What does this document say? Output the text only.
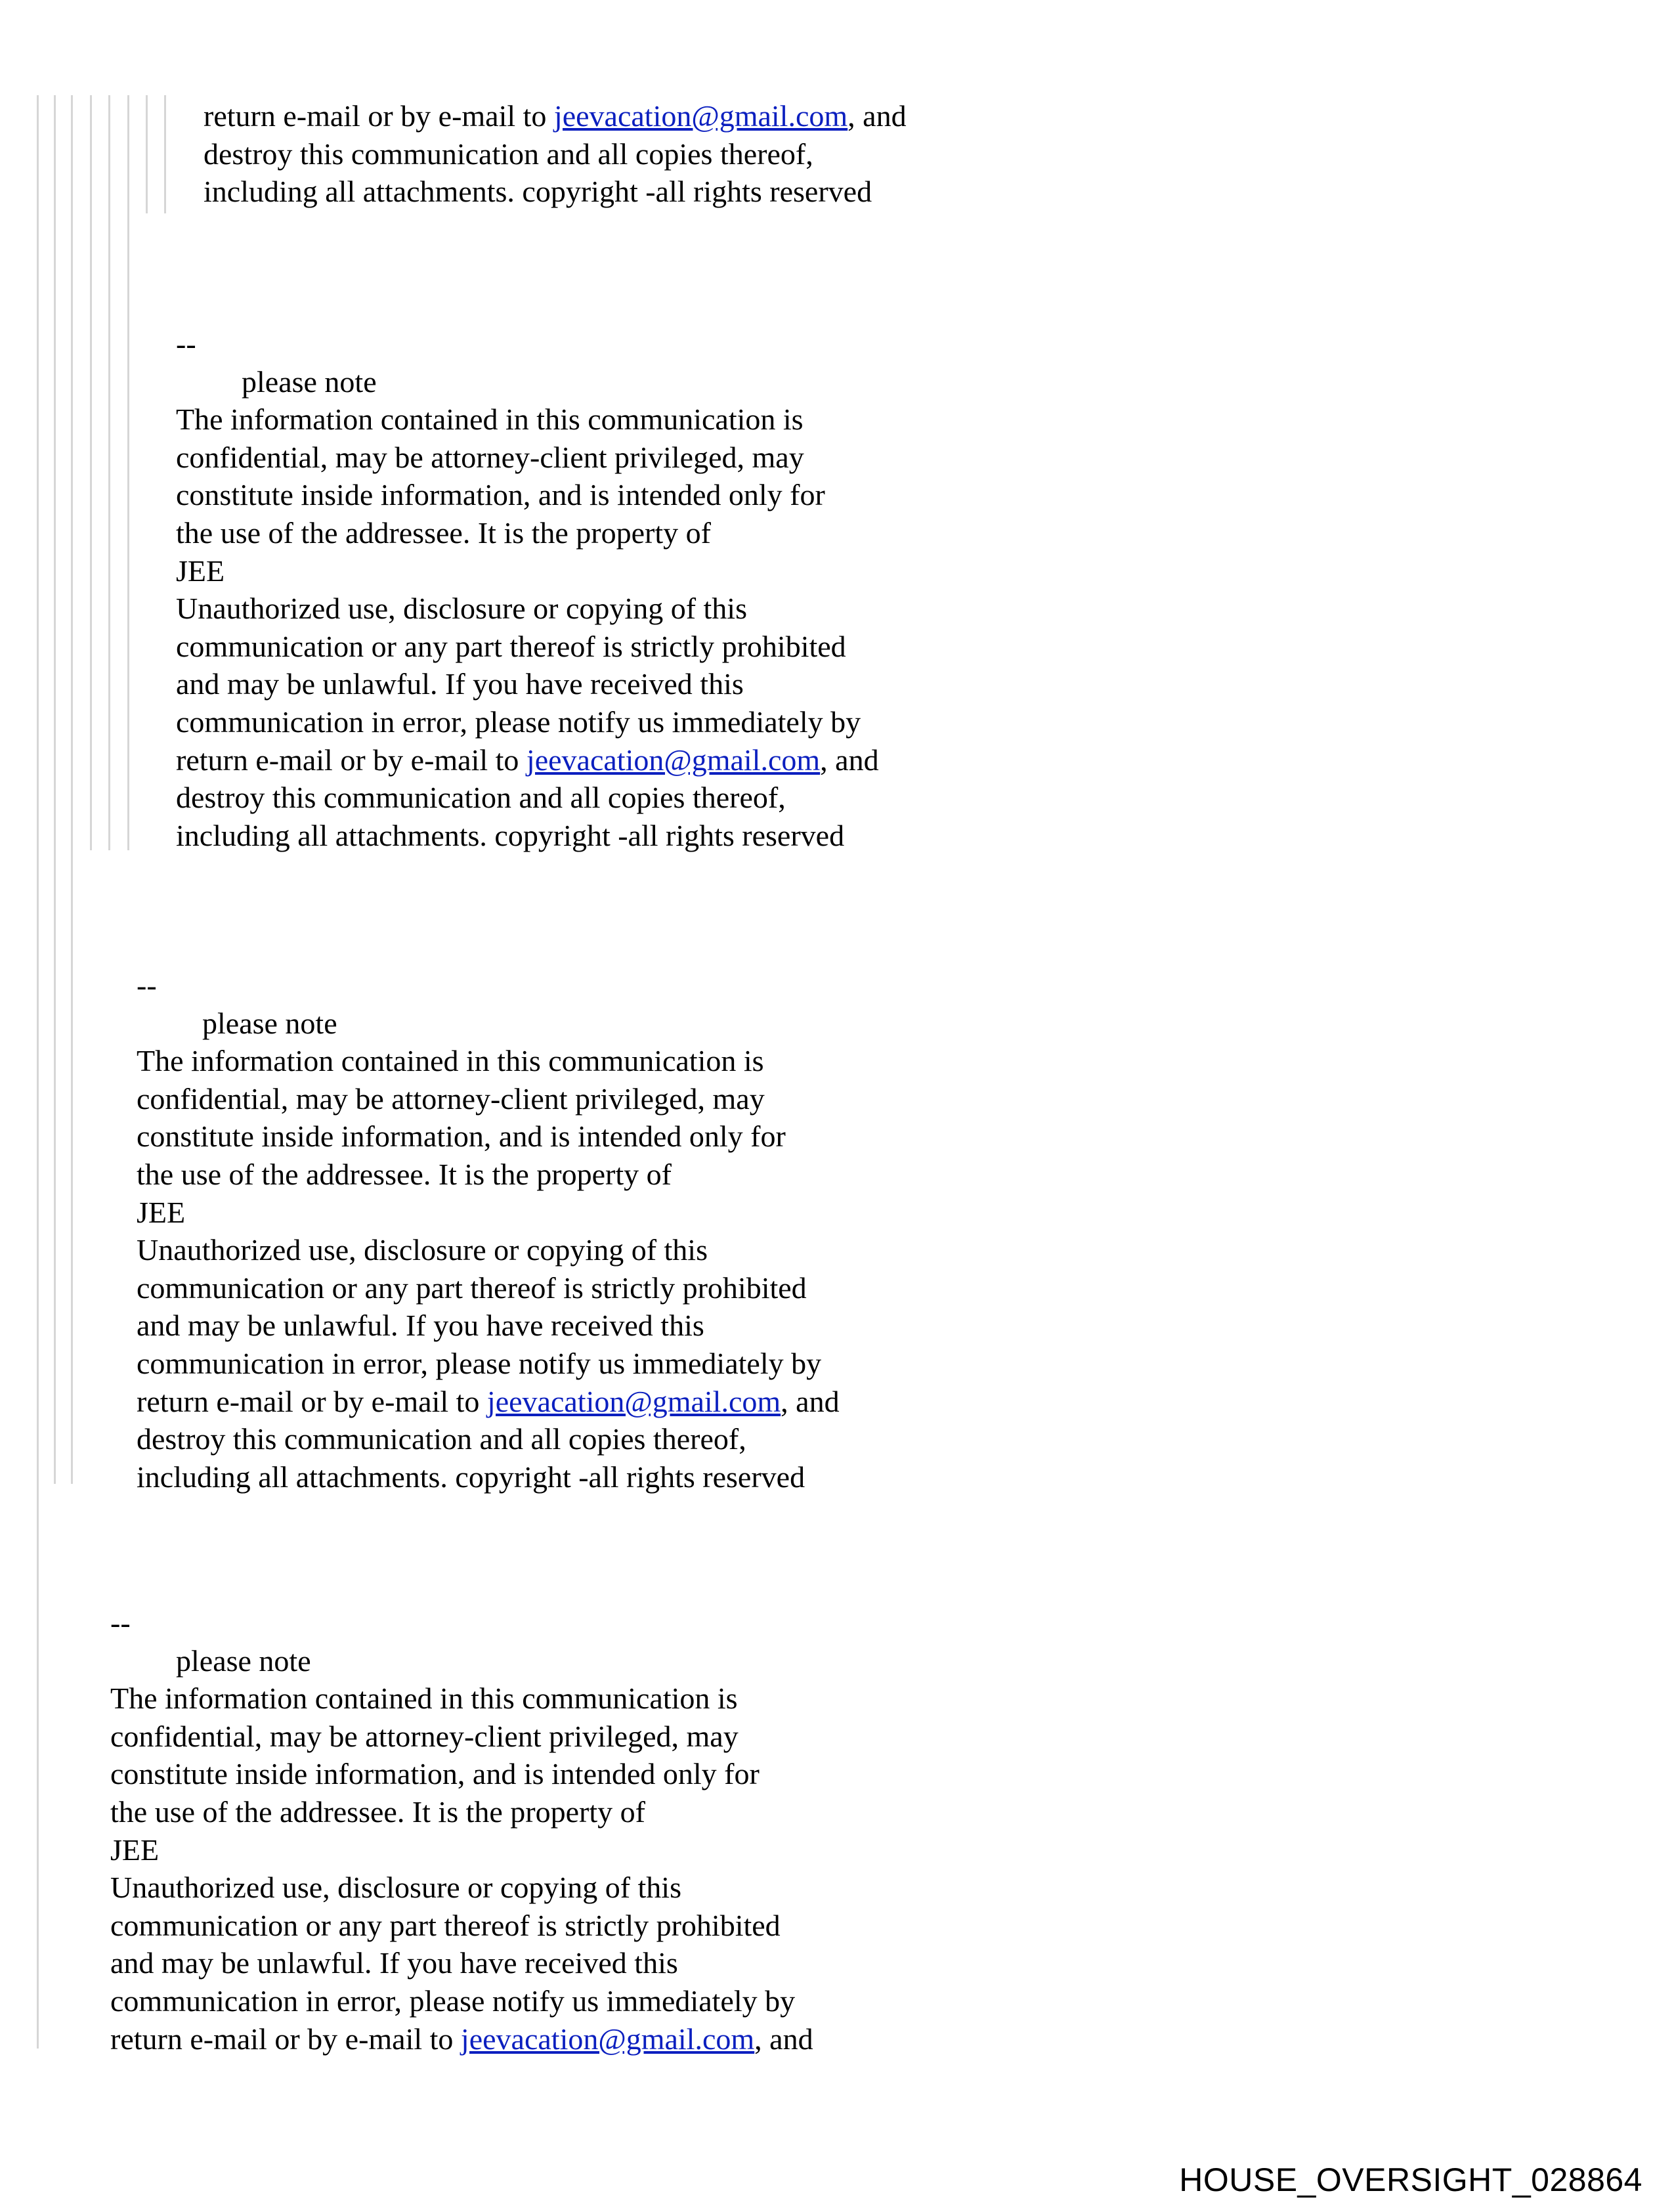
return e-mail or by e-mail to jeevacation@gmail.com, and
destroy this communication and all copies thereof,
including all attachments. copyright -all rights reserved
--
please note
The information contained in this communication is
confidential, may be attorney-client privileged, may
constitute inside information, and is intended only for
the use of the addressee. It is the property of
JEE
Unauthorized use, disclosure or copying of this
communication or any part thereof is strictly prohibited
and may be unlawful. If you have received this
communication in error, please notify us immediately by
return e-mail or by e-mail to jeevacation@gmail.com, and
destroy this communication and all copies thereof,
including all attachments. copyright -all rights reserved
--
please note
The information contained in this communication is
confidential, may be attorney-client privileged, may
constitute inside information, and is intended only for
the use of the addressee. It is the property of
JEE
Unauthorized use, disclosure or copying of this
communication or any part thereof is strictly prohibited
and may be unlawful. If you have received this
communication in error, please notify us immediately by
return e-mail or by e-mail to jeevacation@gmail.com, and
destroy this communication and all copies thereof,
including all attachments. copyright -all rights reserved
--
please note
The information contained in this communication is
confidential, may be attorney-client privileged, may
constitute inside information, and is intended only for
the use of the addressee. It is the property of
JEE
Unauthorized use, disclosure or copying of this
communication or any part thereof is strictly prohibited
and may be unlawful. If you have received this
communication in error, please notify us immediately by
return e-mail or by e-mail to jeevacation@gmail.com, and
HOUSE_OVERSIGHT_028864
